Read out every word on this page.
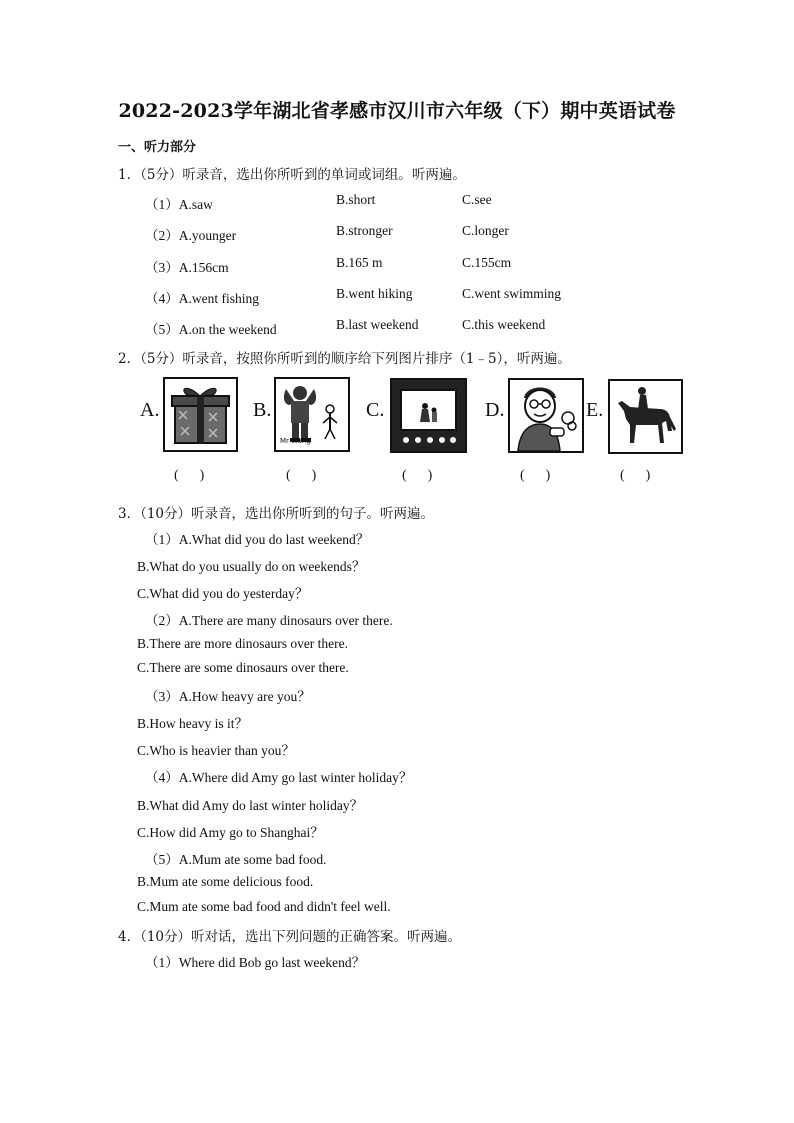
2022-2023学年湖北省孝感市汉川市六年级（下）期中英语试卷
一、听力部分
1．（5分）听录音，选出你所听到的单词或词组。听两遍。
（1）A.saw	B.short	C.see
（2）A.younger	B.stronger	C.longer
（3）A.156cm	B.165 m	C.155cm
（4）A.went fishing	B.went hiking	C.went swimming
（5）A.on the weekend	B.last weekend	C.this weekend
2．（5分）听录音，按照你所听到的顺序给下列图片排序（1﹣5），听两遍。
A.
(      )
B.
Mr Wang
(      )
C.
(      )
D.
(      )
E.
(      )
3．（10分）听录音，选出你所听到的句子。听两遍。
（1）A.What did you do last weekend？
B.What do you usually do on weekends？
C.What did you do yesterday？
（2）A.There are many dinosaurs over there.
B.There are more dinosaurs over there.
C.There are some dinosaurs over there.
（3）A.How heavy are you？
B.How heavy is it？
C.Who is heavier than you？
（4）A.Where did Amy go last winter holiday？
B.What did Amy do last winter holiday？
C.How did Amy go to Shanghai？
（5）A.Mum ate some bad food.
B.Mum ate some delicious food.
C.Mum ate some bad food and didn't feel well.
4．（10分）听对话，选出下列问题的正确答案。听两遍。
（1）Where did Bob go last weekend？
